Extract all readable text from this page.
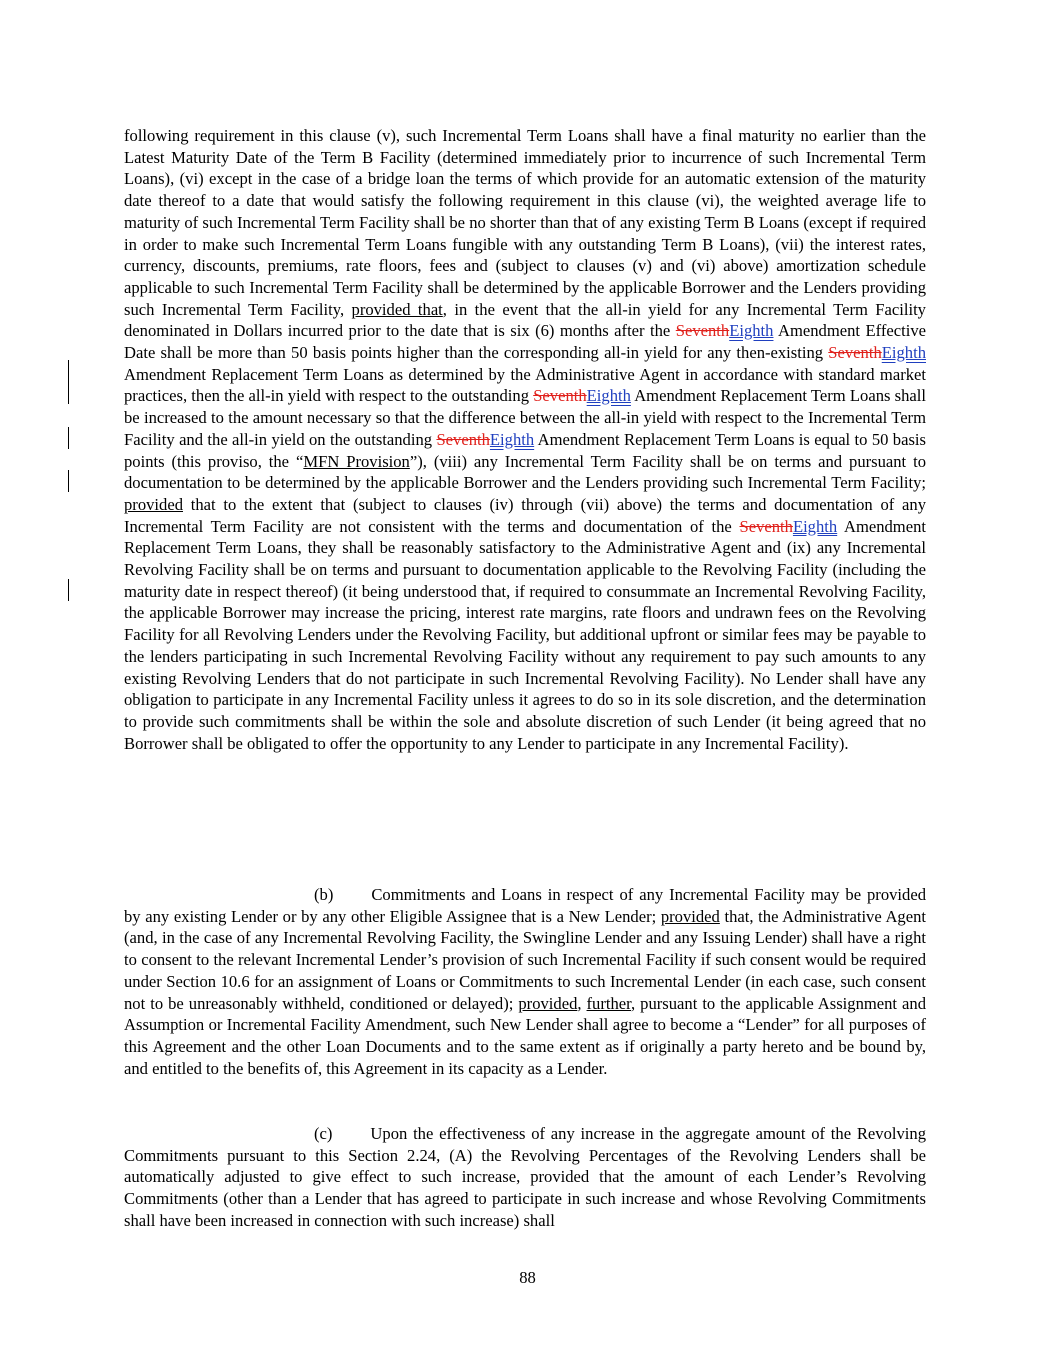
following requirement in this clause (v), such Incremental Term Loans shall have a final maturity no earlier than the Latest Maturity Date of the Term B Facility (determined immediately prior to incurrence of such Incremental Term Loans), (vi) except in the case of a bridge loan the terms of which provide for an automatic extension of the maturity date thereof to a date that would satisfy the following requirement in this clause (vi), the weighted average life to maturity of such Incremental Term Facility shall be no shorter than that of any existing Term B Loans (except if required in order to make such Incremental Term Loans fungible with any outstanding Term B Loans), (vii) the interest rates, currency, discounts, premiums, rate floors, fees and (subject to clauses (v) and (vi) above) amortization schedule applicable to such Incremental Term Facility shall be determined by the applicable Borrower and the Lenders providing such Incremental Term Facility, provided that, in the event that the all-in yield for any Incremental Term Facility denominated in Dollars incurred prior to the date that is six (6) months after the SeventhEighth Amendment Effective Date shall be more than 50 basis points higher than the corresponding all-in yield for any then-existing SeventhEighth Amendment Replacement Term Loans as determined by the Administrative Agent in accordance with standard market practices, then the all-in yield with respect to the outstanding SeventhEighth Amendment Replacement Term Loans shall be increased to the amount necessary so that the difference between the all-in yield with respect to the Incremental Term Facility and the all-in yield on the outstanding SeventhEighth Amendment Replacement Term Loans is equal to 50 basis points (this proviso, the “MFN Provision”), (viii) any Incremental Term Facility shall be on terms and pursuant to documentation to be determined by the applicable Borrower and the Lenders providing such Incremental Term Facility; provided that to the extent that (subject to clauses (iv) through (vii) above) the terms and documentation of any Incremental Term Facility are not consistent with the terms and documentation of the SeventhEighth Amendment Replacement Term Loans, they shall be reasonably satisfactory to the Administrative Agent and (ix) any Incremental Revolving Facility shall be on terms and pursuant to documentation applicable to the Revolving Facility (including the maturity date in respect thereof) (it being understood that, if required to consummate an Incremental Revolving Facility, the applicable Borrower may increase the pricing, interest rate margins, rate floors and undrawn fees on the Revolving Facility for all Revolving Lenders under the Revolving Facility, but additional upfront or similar fees may be payable to the lenders participating in such Incremental Revolving Facility without any requirement to pay such amounts to any existing Revolving Lenders that do not participate in such Incremental Revolving Facility). No Lender shall have any obligation to participate in any Incremental Facility unless it agrees to do so in its sole discretion, and the determination to provide such commitments shall be within the sole and absolute discretion of such Lender (it being agreed that no Borrower shall be obligated to offer the opportunity to any Lender to participate in any Incremental Facility).

(b) Commitments and Loans in respect of any Incremental Facility may be provided by any existing Lender or by any other Eligible Assignee that is a New Lender; provided that, the Administrative Agent (and, in the case of any Incremental Revolving Facility, the Swingline Lender and any Issuing Lender) shall have a right to consent to the relevant Incremental Lender’s provision of such Incremental Facility if such consent would be required under Section 10.6 for an assignment of Loans or Commitments to such Incremental Lender (in each case, such consent not to be unreasonably withheld, conditioned or delayed); provided, further, pursuant to the applicable Assignment and Assumption or Incremental Facility Amendment, such New Lender shall agree to become a “Lender” for all purposes of this Agreement and the other Loan Documents and to the same extent as if originally a party hereto and be bound by, and entitled to the benefits of, this Agreement in its capacity as a Lender.

(c) Upon the effectiveness of any increase in the aggregate amount of the Revolving Commitments pursuant to this Section 2.24, (A) the Revolving Percentages of the Revolving Lenders shall be automatically adjusted to give effect to such increase, provided that the amount of each Lender’s Revolving Commitments (other than a Lender that has agreed to participate in such increase and whose Revolving Commitments shall have been increased in connection with such increase) shall

88
